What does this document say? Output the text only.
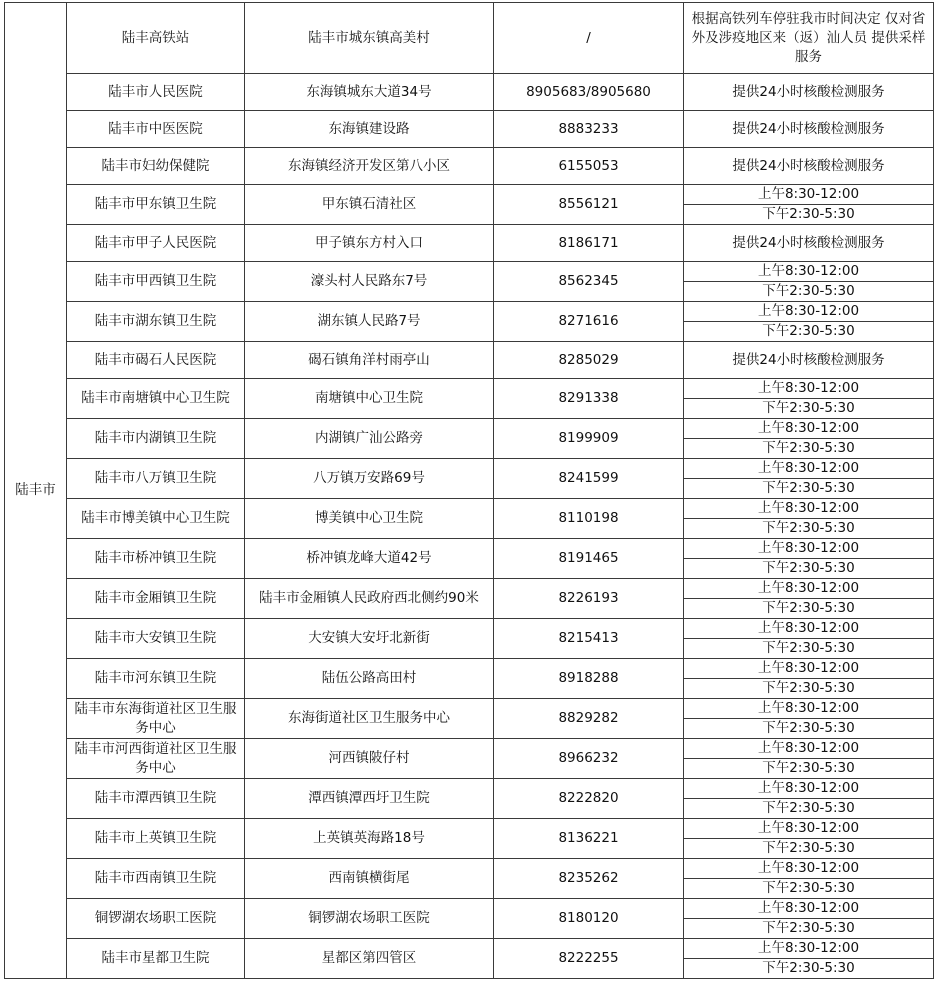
陆丰市	陆丰高铁站	陆丰市城东镇高美村	/	根据高铁列车停驻我市时间决定 仅对省外及涉疫地区来（返）汕人员 提供采样服务
	陆丰市人民医院	东海镇城东大道34号	8905683/8905680	提供24小时核酸检测服务
	陆丰市中医医院	东海镇建设路	8883233	提供24小时核酸检测服务
	陆丰市妇幼保健院	东海镇经济开发区第八小区	6155053	提供24小时核酸检测服务
	陆丰市甲东镇卫生院	甲东镇石清社区	8556121	上午8:30-12:00
				下午2:30-5:30
	陆丰市甲子人民医院	甲子镇东方村入口	8186171	提供24小时核酸检测服务
	陆丰市甲西镇卫生院	濠头村人民路东7号	8562345	上午8:30-12:00
				下午2:30-5:30
	陆丰市湖东镇卫生院	湖东镇人民路7号	8271616	上午8:30-12:00
				下午2:30-5:30
	陆丰市碣石人民医院	碣石镇角洋村雨亭山	8285029	提供24小时核酸检测服务
	陆丰市南塘镇中心卫生院	南塘镇中心卫生院	8291338	上午8:30-12:00
				下午2:30-5:30
	陆丰市内湖镇卫生院	内湖镇广汕公路旁	8199909	上午8:30-12:00
				下午2:30-5:30
	陆丰市八万镇卫生院	八万镇万安路69号	8241599	上午8:30-12:00
				下午2:30-5:30
	陆丰市博美镇中心卫生院	博美镇中心卫生院	8110198	上午8:30-12:00
				下午2:30-5:30
	陆丰市桥冲镇卫生院	桥冲镇龙峰大道42号	8191465	上午8:30-12:00
				下午2:30-5:30
	陆丰市金厢镇卫生院	陆丰市金厢镇人民政府西北侧约90米	8226193	上午8:30-12:00
				下午2:30-5:30
	陆丰市大安镇卫生院	大安镇大安圩北新街	8215413	上午8:30-12:00
				下午2:30-5:30
	陆丰市河东镇卫生院	陆伍公路高田村	8918288	上午8:30-12:00
				下午2:30-5:30
	陆丰市东海街道社区卫生服务中心	东海街道社区卫生服务中心	8829282	上午8:30-12:00
				下午2:30-5:30
	陆丰市河西街道社区卫生服务中心	河西镇陂仔村	8966232	上午8:30-12:00
				下午2:30-5:30
	陆丰市潭西镇卫生院	潭西镇潭西圩卫生院	8222820	上午8:30-12:00
				下午2:30-5:30
	陆丰市上英镇卫生院	上英镇英海路18号	8136221	上午8:30-12:00
				下午2:30-5:30
	陆丰市西南镇卫生院	西南镇横街尾	8235262	上午8:30-12:00
				下午2:30-5:30
	铜锣湖农场职工医院	铜锣湖农场职工医院	8180120	上午8:30-12:00
				下午2:30-5:30
	陆丰市星都卫生院	星都区第四管区	8222255	上午8:30-12:00
				下午2:30-5:30
